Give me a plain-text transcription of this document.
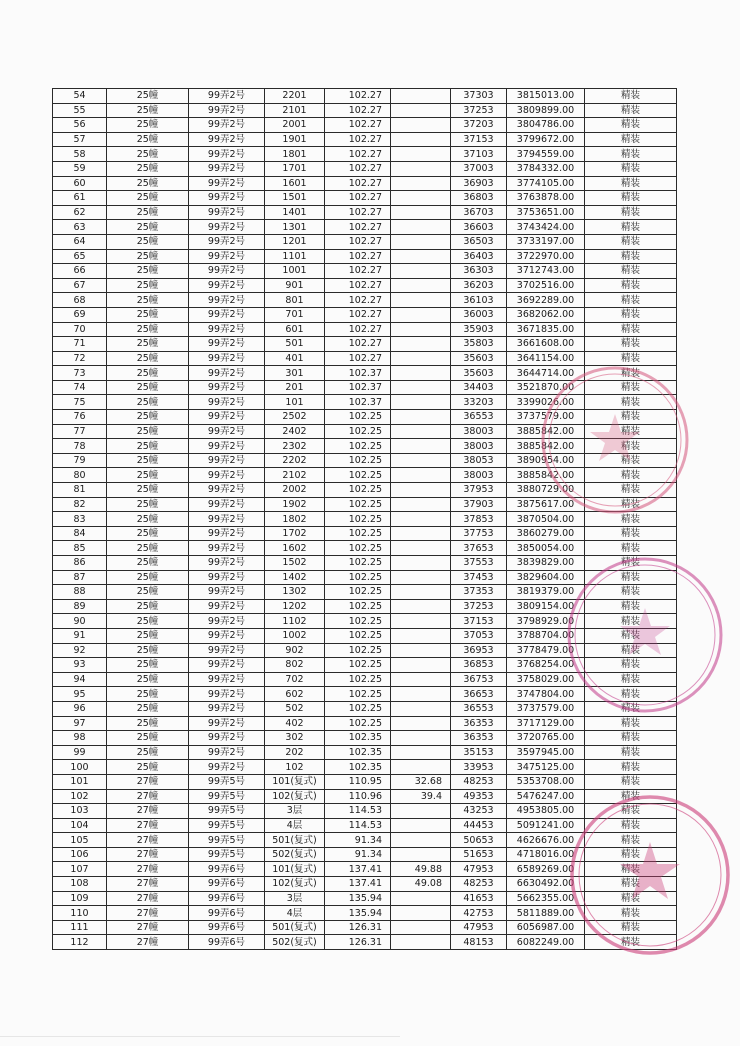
54	25幢	99弄2号	2201	102.27		37303	3815013.00	精装
55	25幢	99弄2号	2101	102.27		37253	3809899.00	精装
56	25幢	99弄2号	2001	102.27		37203	3804786.00	精装
57	25幢	99弄2号	1901	102.27		37153	3799672.00	精装
58	25幢	99弄2号	1801	102.27		37103	3794559.00	精装
59	25幢	99弄2号	1701	102.27		37003	3784332.00	精装
60	25幢	99弄2号	1601	102.27		36903	3774105.00	精装
61	25幢	99弄2号	1501	102.27		36803	3763878.00	精装
62	25幢	99弄2号	1401	102.27		36703	3753651.00	精装
63	25幢	99弄2号	1301	102.27		36603	3743424.00	精装
64	25幢	99弄2号	1201	102.27		36503	3733197.00	精装
65	25幢	99弄2号	1101	102.27		36403	3722970.00	精装
66	25幢	99弄2号	1001	102.27		36303	3712743.00	精装
67	25幢	99弄2号	901	102.27		36203	3702516.00	精装
68	25幢	99弄2号	801	102.27		36103	3692289.00	精装
69	25幢	99弄2号	701	102.27		36003	3682062.00	精装
70	25幢	99弄2号	601	102.27		35903	3671835.00	精装
71	25幢	99弄2号	501	102.27		35803	3661608.00	精装
72	25幢	99弄2号	401	102.27		35603	3641154.00	精装
73	25幢	99弄2号	301	102.37		35603	3644714.00	精装
74	25幢	99弄2号	201	102.37		34403	3521870.00	精装
75	25幢	99弄2号	101	102.37		33203	3399026.00	精装
76	25幢	99弄2号	2502	102.25		36553	3737579.00	精装
77	25幢	99弄2号	2402	102.25		38003	3885842.00	精装
78	25幢	99弄2号	2302	102.25		38003	3885842.00	精装
79	25幢	99弄2号	2202	102.25		38053	3890954.00	精装
80	25幢	99弄2号	2102	102.25		38003	3885842.00	精装
81	25幢	99弄2号	2002	102.25		37953	3880729.00	精装
82	25幢	99弄2号	1902	102.25		37903	3875617.00	精装
83	25幢	99弄2号	1802	102.25		37853	3870504.00	精装
84	25幢	99弄2号	1702	102.25		37753	3860279.00	精装
85	25幢	99弄2号	1602	102.25		37653	3850054.00	精装
86	25幢	99弄2号	1502	102.25		37553	3839829.00	精装
87	25幢	99弄2号	1402	102.25		37453	3829604.00	精装
88	25幢	99弄2号	1302	102.25		37353	3819379.00	精装
89	25幢	99弄2号	1202	102.25		37253	3809154.00	精装
90	25幢	99弄2号	1102	102.25		37153	3798929.00	精装
91	25幢	99弄2号	1002	102.25		37053	3788704.00	精装
92	25幢	99弄2号	902	102.25		36953	3778479.00	精装
93	25幢	99弄2号	802	102.25		36853	3768254.00	精装
94	25幢	99弄2号	702	102.25		36753	3758029.00	精装
95	25幢	99弄2号	602	102.25		36653	3747804.00	精装
96	25幢	99弄2号	502	102.25		36553	3737579.00	精装
97	25幢	99弄2号	402	102.25		36353	3717129.00	精装
98	25幢	99弄2号	302	102.35		36353	3720765.00	精装
99	25幢	99弄2号	202	102.35		35153	3597945.00	精装
100	25幢	99弄2号	102	102.35		33953	3475125.00	精装
101	27幢	99弄5号	101(复式)	110.95	32.68	48253	5353708.00	精装
102	27幢	99弄5号	102(复式)	110.96	39.4	49353	5476247.00	精装
103	27幢	99弄5号	3层	114.53		43253	4953805.00	精装
104	27幢	99弄5号	4层	114.53		44453	5091241.00	精装
105	27幢	99弄5号	501(复式)	91.34		50653	4626676.00	精装
106	27幢	99弄5号	502(复式)	91.34		51653	4718016.00	精装
107	27幢	99弄6号	101(复式)	137.41	49.88	47953	6589269.00	精装
108	27幢	99弄6号	102(复式)	137.41	49.08	48253	6630492.00	精装
109	27幢	99弄6号	3层	135.94		41653	5662355.00	精装
110	27幢	99弄6号	4层	135.94		42753	5811889.00	精装
111	27幢	99弄6号	501(复式)	126.31		47953	6056987.00	精装
112	27幢	99弄6号	502(复式)	126.31		48153	6082249.00	精装
